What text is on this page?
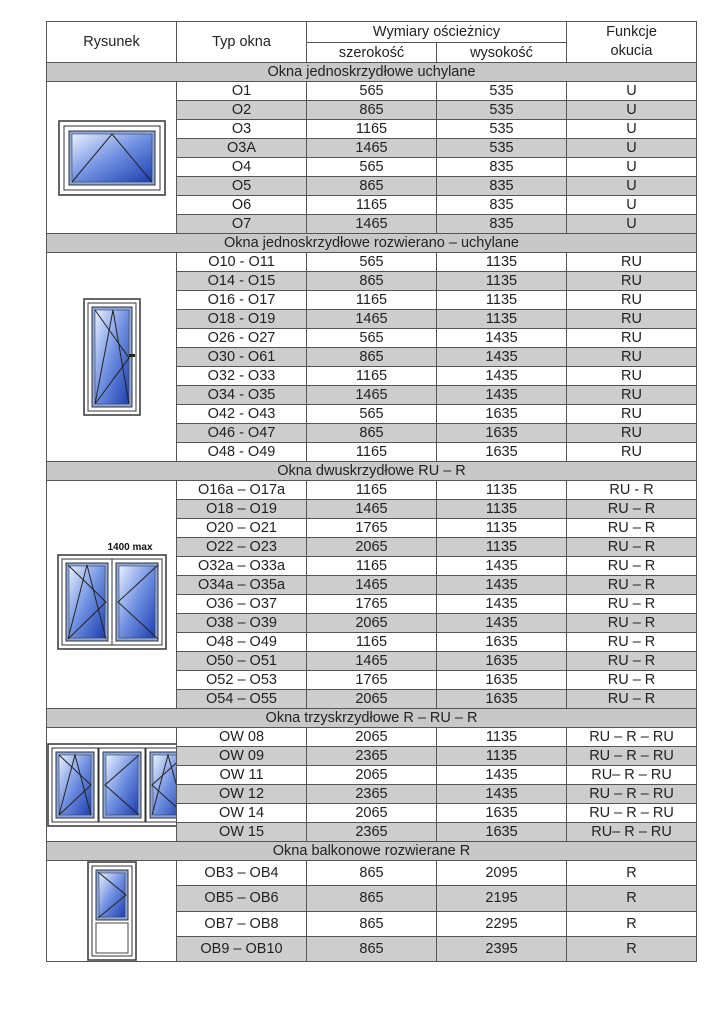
Rysunek	Typ okna	Wymiary ościeżnicy		Funkcje
okucia
		szerokość	wysokość	
Okna jednoskrzydłowe uchylane				

	O1	565	535	U
	O2	865	535	U
	O3	1165	535	U
	O3A	1465	535	U
	O4	565	835	U
	O5	865	835	U
	O6	1165	835	U
	O7	1465	835	U
Okna jednoskrzydłowe rozwierano – uchylane				

	O10 - O11	565	1135	RU
	O14 - O15	865	1135	RU
	O16 - O17	1165	1135	RU
	O18 - O19	1465	1135	RU
	O26 - O27	565	1435	RU
	O30 - O61	865	1435	RU
	O32 - O33	1165	1435	RU
	O34 - O35	1465	1435	RU
	O42 - O43	565	1635	RU
	O46 - O47	865	1635	RU
	O48 - O49	1165	1635	RU
Okna dwuskrzydłowe RU – R				

1400 max	O16a – O17a	1165	1135	RU - R
	O18 – O19	1465	1135	RU – R
	O20 – O21	1765	1135	RU – R
	O22 – O23	2065	1135	RU – R
	O32a – O33a	1165	1435	RU – R
	O34a – O35a	1465	1435	RU – R
	O36 – O37	1765	1435	RU – R
	O38 – O39	2065	1435	RU – R
	O48 – O49	1165	1635	RU – R
	O50 – O51	1465	1635	RU – R
	O52 – O53	1765	1635	RU – R
	O54 – O55	2065	1635	RU – R
Okna trzyskrzydłowe R – RU – R				

	OW 08	2065	1135	RU – R – RU
	OW 09	2365	1135	RU – R – RU
	OW 11	2065	1435	RU– R – RU
	OW 12	2365	1435	RU – R – RU
	OW 14	2065	1635	RU – R – RU
	OW 15	2365	1635	RU– R – RU
Okna balkonowe rozwierane R				

	OB3 – OB4	865	2095	R
	OB5 – OB6	865	2195	R
	OB7 – OB8	865	2295	R
	OB9 – OB10	865	2395	R
